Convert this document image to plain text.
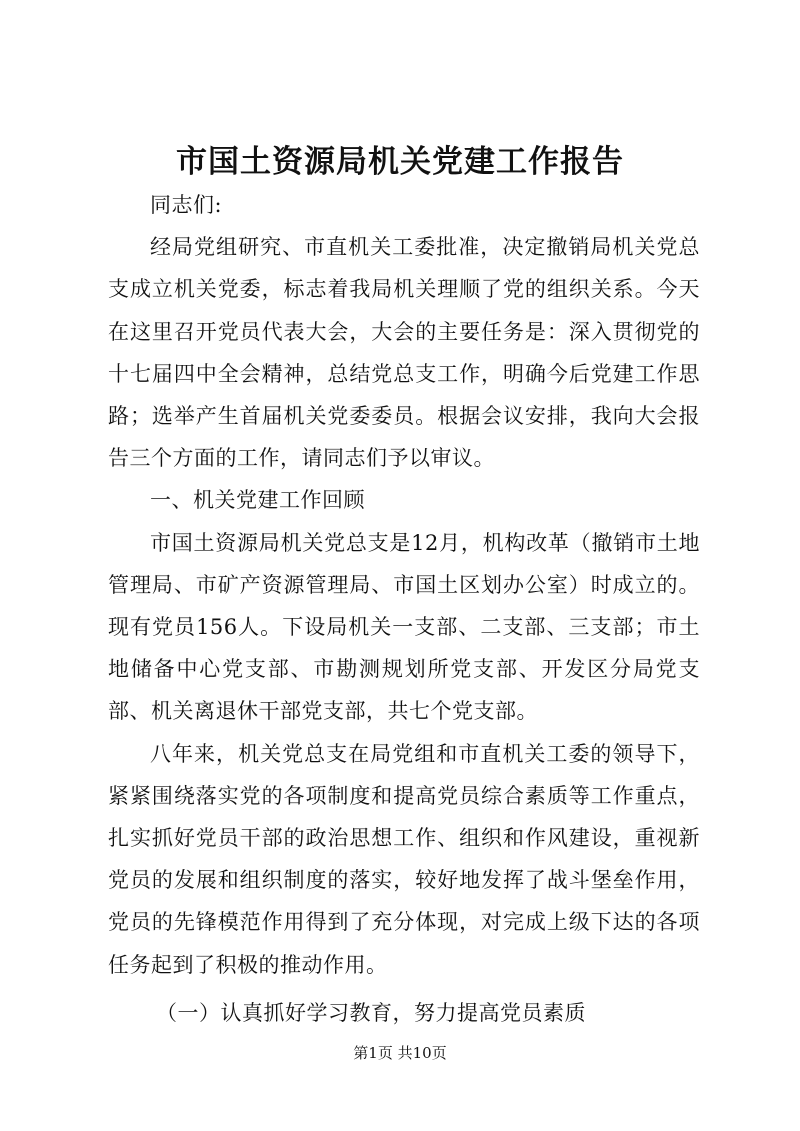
市国土资源局机关党建工作报告

同志们:

经局党组研究、市直机关工委批准，决定撤销局机关党总支成立机关党委，标志着我局机关理顺了党的组织关系。今天在这里召开党员代表大会，大会的主要任务是：深入贯彻党的十七届四中全会精神，总结党总支工作，明确今后党建工作思路；选举产生首届机关党委委员。根据会议安排，我向大会报告三个方面的工作，请同志们予以审议。

一、机关党建工作回顾

市国土资源局机关党总支是12月，机构改革（撤销市土地管理局、市矿产资源管理局、市国土区划办公室）时成立的。现有党员156人。下设局机关一支部、二支部、三支部；市土地储备中心党支部、市勘测规划所党支部、开发区分局党支部、机关离退休干部党支部，共七个党支部。

八年来，机关党总支在局党组和市直机关工委的领导下，紧紧围绕落实党的各项制度和提高党员综合素质等工作重点，扎实抓好党员干部的政治思想工作、组织和作风建设，重视新党员的发展和组织制度的落实，较好地发挥了战斗堡垒作用，党员的先锋模范作用得到了充分体现，对完成上级下达的各项任务起到了积极的推动作用。

（一）认真抓好学习教育，努力提高党员素质

第1页 共10页
